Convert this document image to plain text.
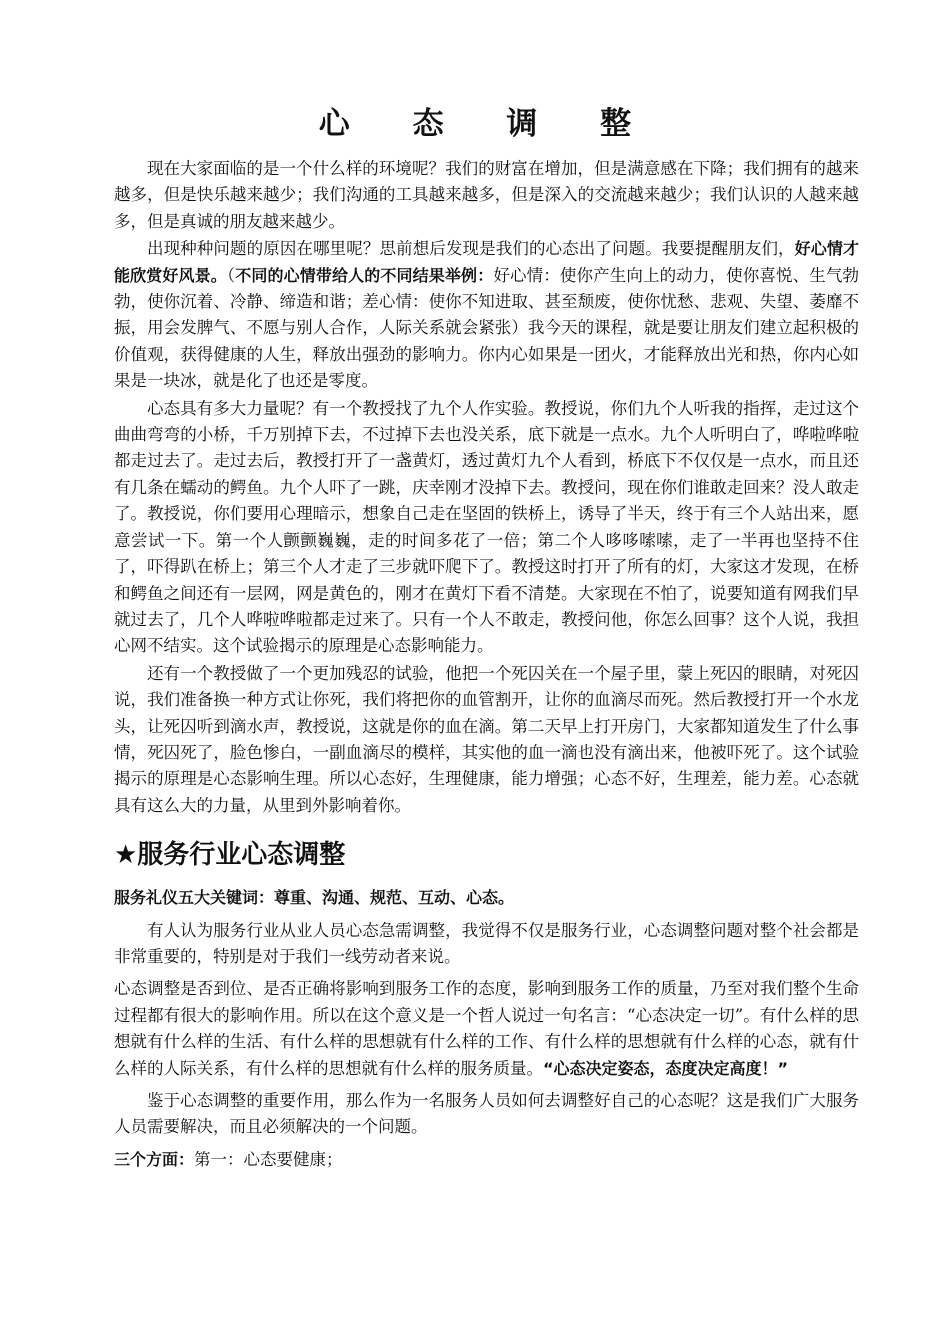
心 态 调 整

现在大家面临的是一个什么样的环境呢？我们的财富在增加，但是满意感在下降；我们拥有的越来越多，但是快乐越来越少；我们沟通的工具越来越多，但是深入的交流越来越少；我们认识的人越来越多，但是真诚的朋友越来越少。

出现种种问题的原因在哪里呢？思前想后发现是我们的心态出了问题。我要提醒朋友们，好心情才能欣赏好风景。（不同的心情带给人的不同结果举例：好心情：使你产生向上的动力，使你喜悦、生气勃勃，使你沉着、冷静、缔造和谐；差心情：使你不知进取、甚至颓废，使你忧愁、悲观、失望、萎靡不振，用会发脾气、不愿与别人合作，人际关系就会紧张）我今天的课程，就是要让朋友们建立起积极的价值观，获得健康的人生，释放出强劲的影响力。你内心如果是一团火，才能释放出光和热，你内心如果是一块冰，就是化了也还是零度。

心态具有多大力量呢？有一个教授找了九个人作实验。教授说，你们九个人听我的指挥，走过这个曲曲弯弯的小桥，千万别掉下去，不过掉下去也没关系，底下就是一点水。九个人听明白了，哗啦哗啦都走过去了。走过去后，教授打开了一盏黄灯，透过黄灯九个人看到，桥底下不仅仅是一点水，而且还有几条在蠕动的鳄鱼。九个人吓了一跳，庆幸刚才没掉下去。教授问，现在你们谁敢走回来？没人敢走了。教授说，你们要用心理暗示，想象自己走在坚固的铁桥上，诱导了半天，终于有三个人站出来，愿意尝试一下。第一个人颤颤巍巍，走的时间多花了一倍；第二个人哆哆嗦嗦，走了一半再也坚持不住了，吓得趴在桥上；第三个人才走了三步就吓爬下了。教授这时打开了所有的灯，大家这才发现，在桥和鳄鱼之间还有一层网，网是黄色的，刚才在黄灯下看不清楚。大家现在不怕了，说要知道有网我们早就过去了，几个人哗啦哗啦都走过来了。只有一个人不敢走，教授问他，你怎么回事？这个人说，我担心网不结实。这个试验揭示的原理是心态影响能力。

还有一个教授做了一个更加残忍的试验，他把一个死囚关在一个屋子里，蒙上死囚的眼睛，对死囚说，我们准备换一种方式让你死，我们将把你的血管割开，让你的血滴尽而死。然后教授打开一个水龙头，让死囚听到滴水声，教授说，这就是你的血在滴。第二天早上打开房门，大家都知道发生了什么事情，死囚死了，脸色惨白，一副血滴尽的模样，其实他的血一滴也没有滴出来，他被吓死了。这个试验揭示的原理是心态影响生理。所以心态好，生理健康，能力增强；心态不好，生理差，能力差。心态就具有这么大的力量，从里到外影响着你。

★服务行业心态调整

服务礼仪五大关键词：尊重、沟通、规范、互动、心态。

有人认为服务行业从业人员心态急需调整，我觉得不仅是服务行业，心态调整问题对整个社会都是非常重要的，特别是对于我们一线劳动者来说。

心态调整是否到位、是否正确将影响到服务工作的态度，影响到服务工作的质量，乃至对我们整个生命过程都有很大的影响作用。所以在这个意义是一个哲人说过一句名言：“心态决定一切”。有什么样的思想就有什么样的生活、有什么样的思想就有什么样的工作、有什么样的思想就有什么样的心态，就有什么样的人际关系，有什么样的思想就有什么样的服务质量。“心态决定姿态，态度决定高度！”

鉴于心态调整的重要作用，那么作为一名服务人员如何去调整好自己的心态呢？这是我们广大服务人员需要解决，而且必须解决的一个问题。

三个方面：第一：心态要健康；
